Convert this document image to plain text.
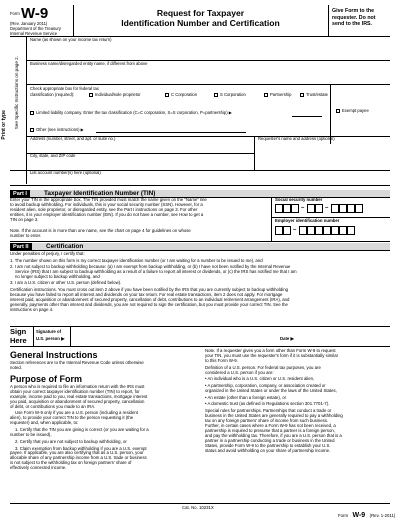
Form W-9
(Rev. January 2011)
Department of the Treasury
Internal Revenue Service
Request for Taxpayer
Identification Number and Certification
Give Form to the
requester. Do not
send to the IRS.
Print or type See Specific Instructions on page 2.
Name (as shown on your income tax return)
Business name/disregarded entity name, if different from above
Check appropriate box for federal tax
classification (required):	Individual/sole proprietor	C Corporation	S Corporation	Partnership	Trust/estate
Exempt payee
Limited liability company. Enter the tax classification (C=C corporation, S=S corporation, P=partnership) ▶
Other (see instructions) ▶
Address (number, street, and apt. or suite no.)	Requester's name and address (optional)
City, state, and ZIP code
List account number(s) here (optional)
Part I	Taxpayer Identification Number (TIN)
Enter your TIN in the appropriate box. The TIN provided must match the name given on the "Name" line
to avoid backup withholding. For individuals, this is your social security number (SSN). However, for a
resident alien, sole proprietor, or disregarded entity, see the Part I instructions on page 3. For other
entities, it is your employer identification number (EIN). If you do not have a number, see How to get a
TIN on page 3.
Note. If the account is in more than one name, see the chart on page 4 for guidelines on whose
number to enter.
Social security number
–	–
Employer identification number
–
Part II	Certification
Under penalties of perjury, I certify that:
1. The number shown on this form is my correct taxpayer identification number (or I am waiting for a number to be issued to me), and
2. I am not subject to backup withholding because: (a) I am exempt from backup withholding, or (b) I have not been notified by the Internal Revenue
Service (IRS) that I am subject to backup withholding as a result of a failure to report all interest or dividends, or (c) the IRS has notified me that I am
no longer subject to backup withholding, and
3. I am a U.S. citizen or other U.S. person (defined below).
Certification instructions. You must cross out item 2 above if you have been notified by the IRS that you are currently subject to backup withholding
because you have failed to report all interest and dividends on your tax return. For real estate transactions, item 2 does not apply. For mortgage
interest paid, acquisition or abandonment of secured property, cancellation of debt, contributions to an individual retirement arrangement (IRA), and
generally, payments other than interest and dividends, you are not required to sign the certification, but you must provide your correct TIN. See the
instructions on page 4.
Sign
Here
Signature of
U.S. person ▶	Date ▶
General Instructions
Section references are to the Internal Revenue Code unless otherwise
noted.
Purpose of Form
A person who is required to file an information return with the IRS must
obtain your correct taxpayer identification number (TIN) to report, for
example, income paid to you, real estate transactions, mortgage interest
you paid, acquisition or abandonment of secured property, cancellation
of debt, or contributions you made to an IRA.
Use Form W-9 only if you are a U.S. person (including a resident
alien), to provide your correct TIN to the person requesting it (the
requester) and, when applicable, to:
1. Certify that the TIN you are giving is correct (or you are waiting for a
number to be issued),
2. Certify that you are not subject to backup withholding, or
3. Claim exemption from backup withholding if you are a U.S. exempt
payee. If applicable, you are also certifying that as a U.S. person, your
allocable share of any partnership income from a U.S. trade or business
is not subject to the withholding tax on foreign partners' share of
effectively connected income.
Note. If a requester gives you a form other than Form W-9 to request
your TIN, you must use the requester's form if it is substantially similar
to this Form W-9.
Definition of a U.S. person. For federal tax purposes, you are
considered a U.S. person if you are:
• An individual who is a U.S. citizen or U.S. resident alien,
• A partnership, corporation, company, or association created or
organized in the United States or under the laws of the United States,
• An estate (other than a foreign estate), or
• A domestic trust (as defined in Regulations section 301.7701-7).
Special rules for partnerships. Partnerships that conduct a trade or
business in the United States are generally required to pay a withholding
tax on any foreign partners' share of income from such business.
Further, in certain cases where a Form W-9 has not been received, a
partnership is required to presume that a partner is a foreign person,
and pay the withholding tax. Therefore, if you are a U.S. person that is a
partner in a partnership conducting a trade or business in the United
States, provide Form W-9 to the partnership to establish your U.S.
status and avoid withholding on your share of partnership income.
Cat. No. 10231X
Form W-9 (Rev. 1-2011)
